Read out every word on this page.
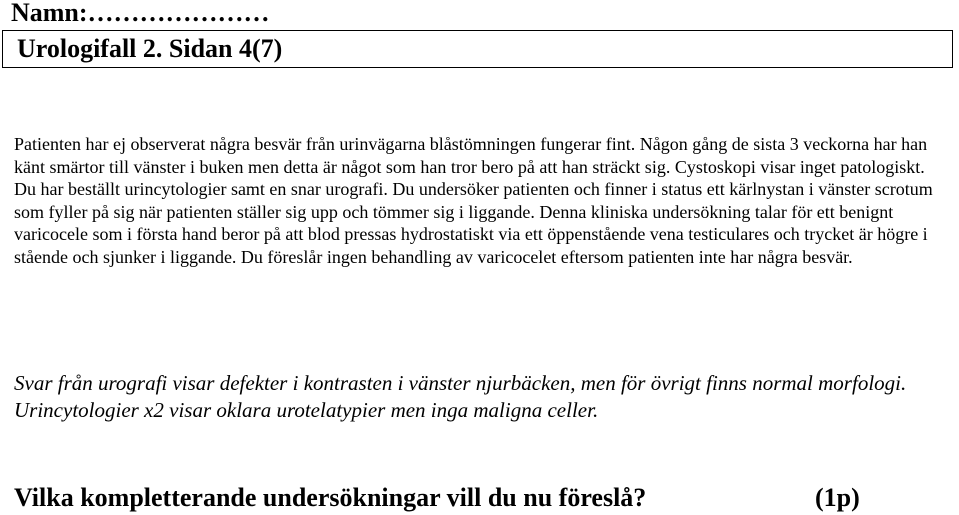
Namn:…………………
Urologifall 2. Sidan 4(7)

Patienten har ej observerat några besvär från urinvägarna blåstömningen fungerar fint. Någon gång de sista 3 veckorna har han känt smärtor till vänster i buken men detta är något som han tror bero på att han sträckt sig. Cystoskopi visar inget patologiskt. Du har beställt urincytologier samt en snar urografi. Du undersöker patienten och finner i status ett kärlnystan i vänster scrotum som fyller på sig när patienten ställer sig upp och tömmer sig i liggande. Denna kliniska undersökning talar för ett benignt varicocele som i första hand beror på att blod pressas hydrostatiskt via ett öppenstående vena testiculares och trycket är högre i stående och sjunker i liggande. Du föreslår ingen behandling av varicocelet eftersom patienten inte har några besvär.

Svar från urografi visar defekter i kontrasten i vänster njurbäcken, men för övrigt finns normal morfologi. Urincytologier x2 visar oklara urotelatypier men inga maligna celler.

Vilka kompletterande undersökningar vill du nu föreslå?	(1p)
